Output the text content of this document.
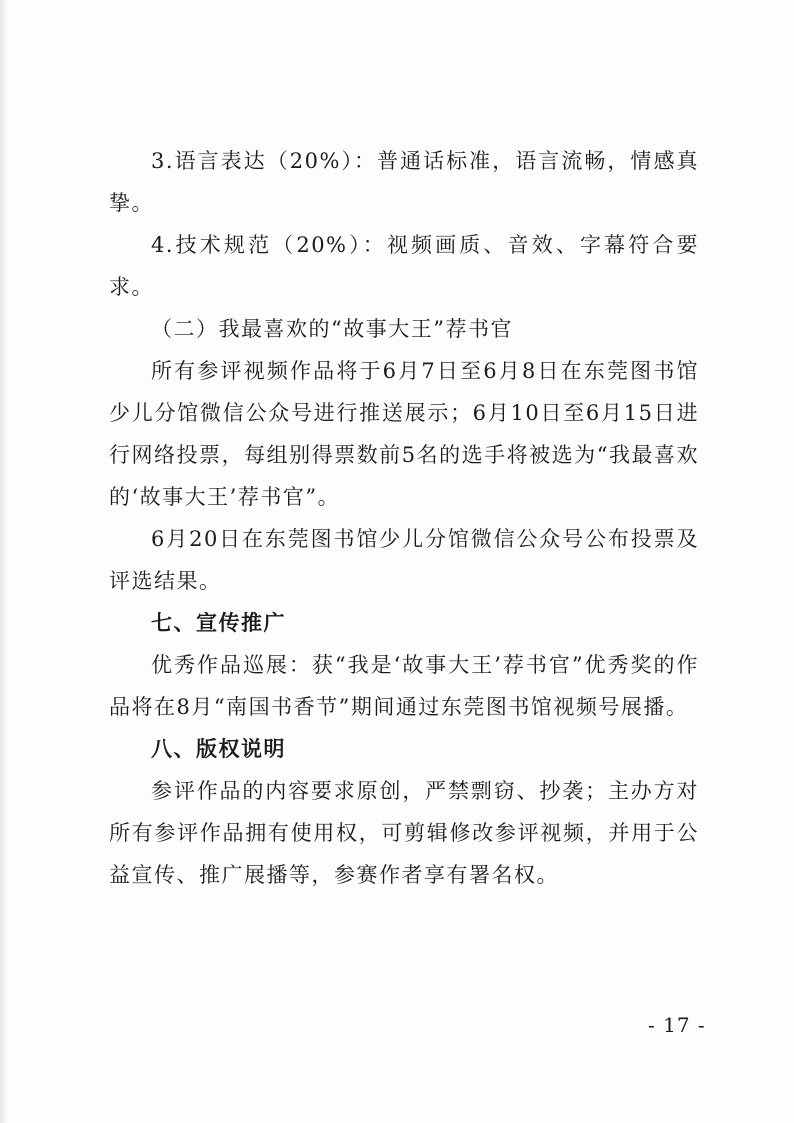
3.语言表达（20%）：普通话标准，语言流畅，情感真挚。

4.技术规范（20%）：视频画质、音效、字幕符合要求。

（二）我最喜欢的“故事大王”荐书官

所有参评视频作品将于6月7日至6月8日在东莞图书馆少儿分馆微信公众号进行推送展示；6月10日至6月15日进行网络投票，每组别得票数前5名的选手将被选为“我最喜欢的‘故事大王’荐书官”。

6月20日在东莞图书馆少儿分馆微信公众号公布投票及评选结果。

七、宣传推广

优秀作品巡展：获“我是‘故事大王’荐书官”优秀奖的作品将在8月“南国书香节”期间通过东莞图书馆视频号展播。

八、版权说明

参评作品的内容要求原创，严禁剽窃、抄袭；主办方对所有参评作品拥有使用权，可剪辑修改参评视频，并用于公益宣传、推广展播等，参赛作者享有署名权。

- 17 -
